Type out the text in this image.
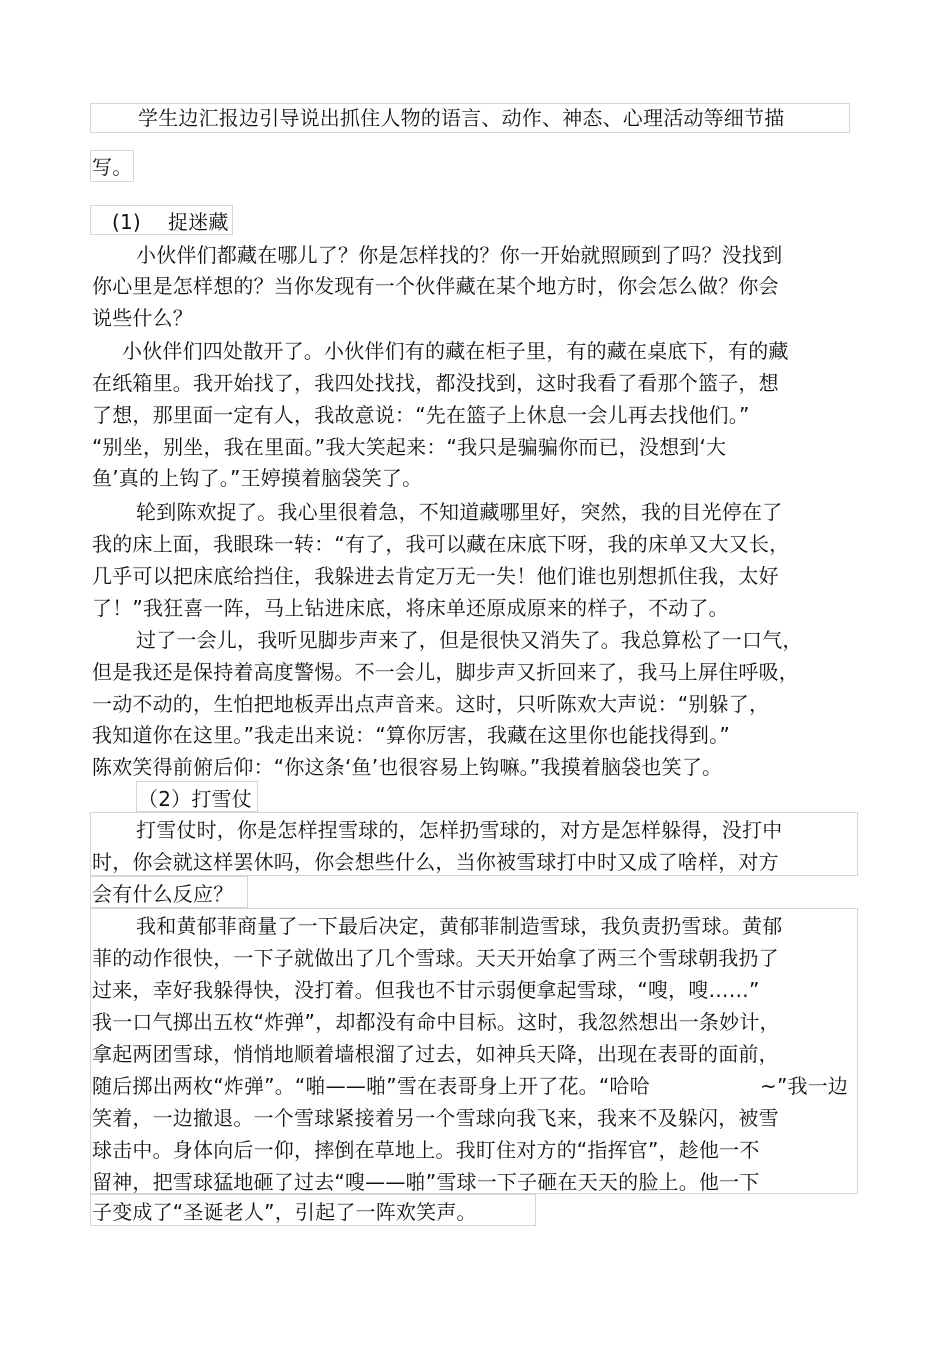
学生边汇报边引导说出抓住人物的语言、动作、神态、心理活动等细节描
写。
(1) 捉迷藏
小伙伴们都藏在哪儿了？你是怎样找的？你一开始就照顾到了吗？没找到
你心里是怎样想的？当你发现有一个伙伴藏在某个地方时，你会怎么做？你会
说些什么？
小伙伴们四处散开了。小伙伴们有的藏在柜子里，有的藏在桌底下，有的藏
在纸箱里。我开始找了，我四处找找，都没找到，这时我看了看那个篮子，想
了想，那里面一定有人，我故意说：“先在篮子上休息一会儿再去找他们。”
“别坐，别坐，我在里面。”我大笑起来：“我只是骗骗你而已，没想到‘大
鱼’真的上钩了。”王婷摸着脑袋笑了。
轮到陈欢捉了。我心里很着急，不知道藏哪里好，突然，我的目光停在了
我的床上面，我眼珠一转：“有了，我可以藏在床底下呀，我的床单又大又长，
几乎可以把床底给挡住，我躲进去肯定万无一失！他们谁也别想抓住我，太好
了！”我狂喜一阵，马上钻进床底，将床单还原成原来的样子，不动了。
过了一会儿，我听见脚步声来了，但是很快又消失了。我总算松了一口气，
但是我还是保持着高度警惕。不一会儿，脚步声又折回来了，我马上屏住呼吸，
一动不动的，生怕把地板弄出点声音来。这时，只听陈欢大声说：“别躲了，
我知道你在这里。”我走出来说：“算你厉害，我藏在这里你也能找得到。”
陈欢笑得前俯后仰：“你这条‘鱼’也很容易上钩嘛。”我摸着脑袋也笑了。
（2）打雪仗
打雪仗时，你是怎样捏雪球的，怎样扔雪球的，对方是怎样躲得，没打中
时，你会就这样罢休吗，你会想些什么，当你被雪球打中时又成了啥样，对方
会有什么反应？
我和黄郁菲商量了一下最后决定，黄郁菲制造雪球，我负责扔雪球。黄郁
菲的动作很快，一下子就做出了几个雪球。天天开始拿了两三个雪球朝我扔了
过来，幸好我躲得快，没打着。但我也不甘示弱便拿起雪球，“嗖，嗖……”
我一口气掷出五枚“炸弹”，却都没有命中目标。这时，我忽然想出一条妙计，
拿起两团雪球，悄悄地顺着墙根溜了过去，如神兵天降，出现在表哥的面前，
随后掷出两枚“炸弹”。“啪——啪”雪在表哥身上开了花。“哈哈	~”我一边
笑着，一边撤退。一个雪球紧接着另一个雪球向我飞来，我来不及躲闪，被雪
球击中。身体向后一仰，摔倒在草地上。我盯住对方的“指挥官”，趁他一不
留神，把雪球猛地砸了过去“嗖——啪”雪球一下子砸在天天的脸上。他一下
子变成了“圣诞老人”，引起了一阵欢笑声。
